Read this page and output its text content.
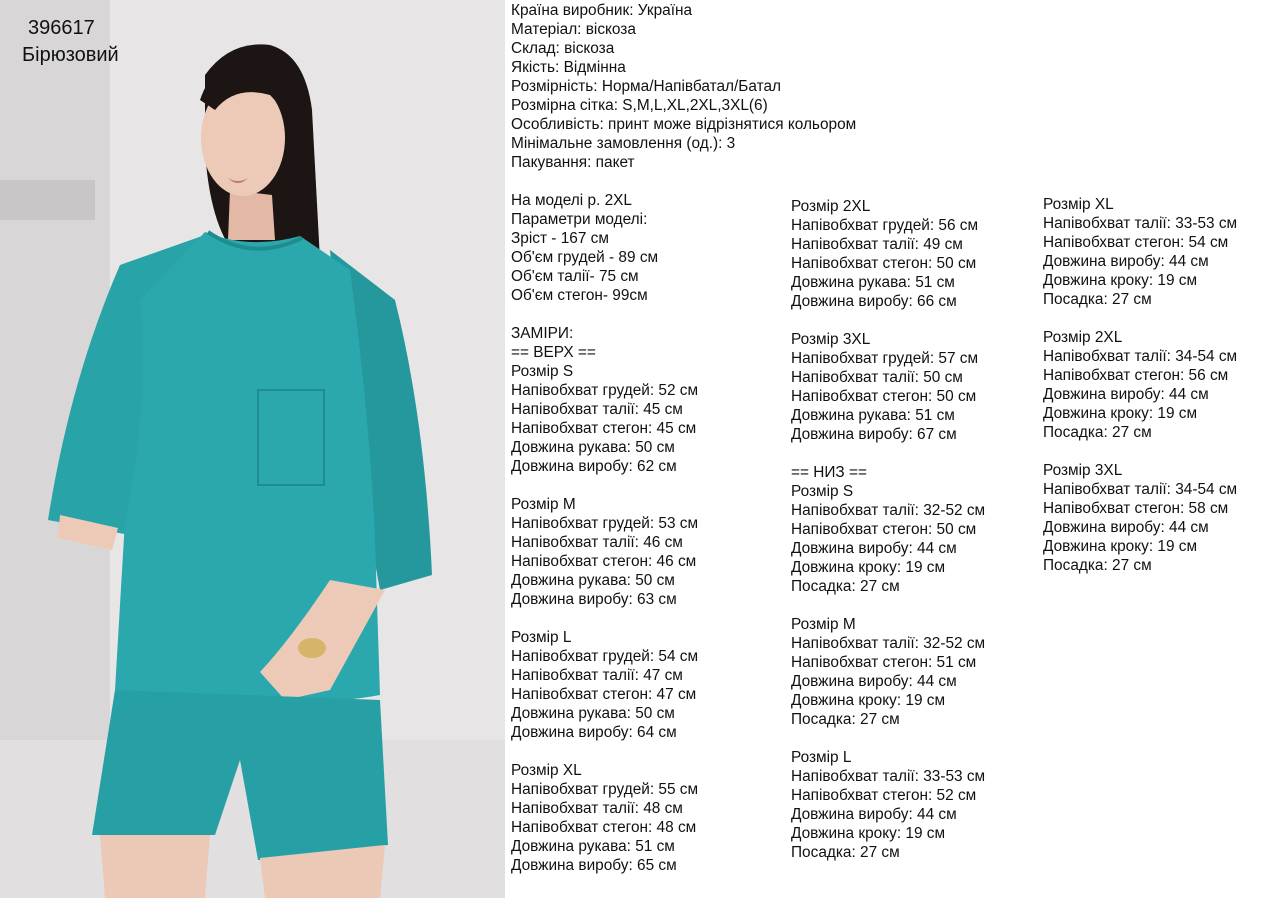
396617
Бірюзовий
Країна виробник: Україна
Матеріал: віскоза
Склад: віскоза
Якість: Відмінна
Розмірність: Норма/Напівбатал/Батал
Розмірна сітка: S,M,L,XL,2XL,3XL(6)
Особливість: принт може відрізнятися кольором
Мінімальне замовлення (од.): 3
Пакування: пакет
На моделі р. 2XL
Параметри моделі:
Зріст - 167 см
Об'єм грудей - 89 см
Об'єм талії- 75 см
Об'єм стегон- 99см
ЗАМІРИ:
== ВЕРХ ==
Розмір S
Напівобхват грудей: 52 см
Напівобхват талії: 45 см
Напівобхват стегон: 45 см
Довжина рукава: 50 см
Довжина виробу: 62 см
Розмір M
Напівобхват грудей: 53 см
Напівобхват талії: 46 см
Напівобхват стегон: 46 см
Довжина рукава: 50 см
Довжина виробу: 63 см
Розмір L
Напівобхват грудей: 54 см
Напівобхват талії: 47 см
Напівобхват стегон: 47 см
Довжина рукава: 50 см
Довжина виробу: 64 см
Розмір XL
Напівобхват грудей: 55 см
Напівобхват талії: 48 см
Напівобхват стегон: 48 см
Довжина рукава: 51 см
Довжина виробу: 65 см
Розмір 2XL
Напівобхват грудей: 56 см
Напівобхват талії: 49 см
Напівобхват стегон: 50 см
Довжина рукава: 51 см
Довжина виробу: 66 см
Розмір 3XL
Напівобхват грудей: 57 см
Напівобхват талії: 50 см
Напівобхват стегон: 50 см
Довжина рукава: 51 см
Довжина виробу: 67 см
== НИЗ ==
Розмір S
Напівобхват талії: 32-52 см
Напівобхват стегон: 50 см
Довжина виробу: 44 см
Довжина кроку: 19 см
Посадка: 27 см
Розмір M
Напівобхват талії: 32-52 см
Напівобхват стегон: 51 см
Довжина виробу: 44 см
Довжина кроку: 19 см
Посадка: 27 см
Розмір L
Напівобхват талії: 33-53 см
Напівобхват стегон: 52 см
Довжина виробу: 44 см
Довжина кроку: 19 см
Посадка: 27 см
Розмір XL
Напівобхват талії: 33-53 см
Напівобхват стегон: 54 см
Довжина виробу: 44 см
Довжина кроку: 19 см
Посадка: 27 см
Розмір 2XL
Напівобхват талії: 34-54 см
Напівобхват стегон: 56 см
Довжина виробу: 44 см
Довжина кроку: 19 см
Посадка: 27 см
Розмір 3XL
Напівобхват талії: 34-54 см
Напівобхват стегон: 58 см
Довжина виробу: 44 см
Довжина кроку: 19 см
Посадка: 27 см
